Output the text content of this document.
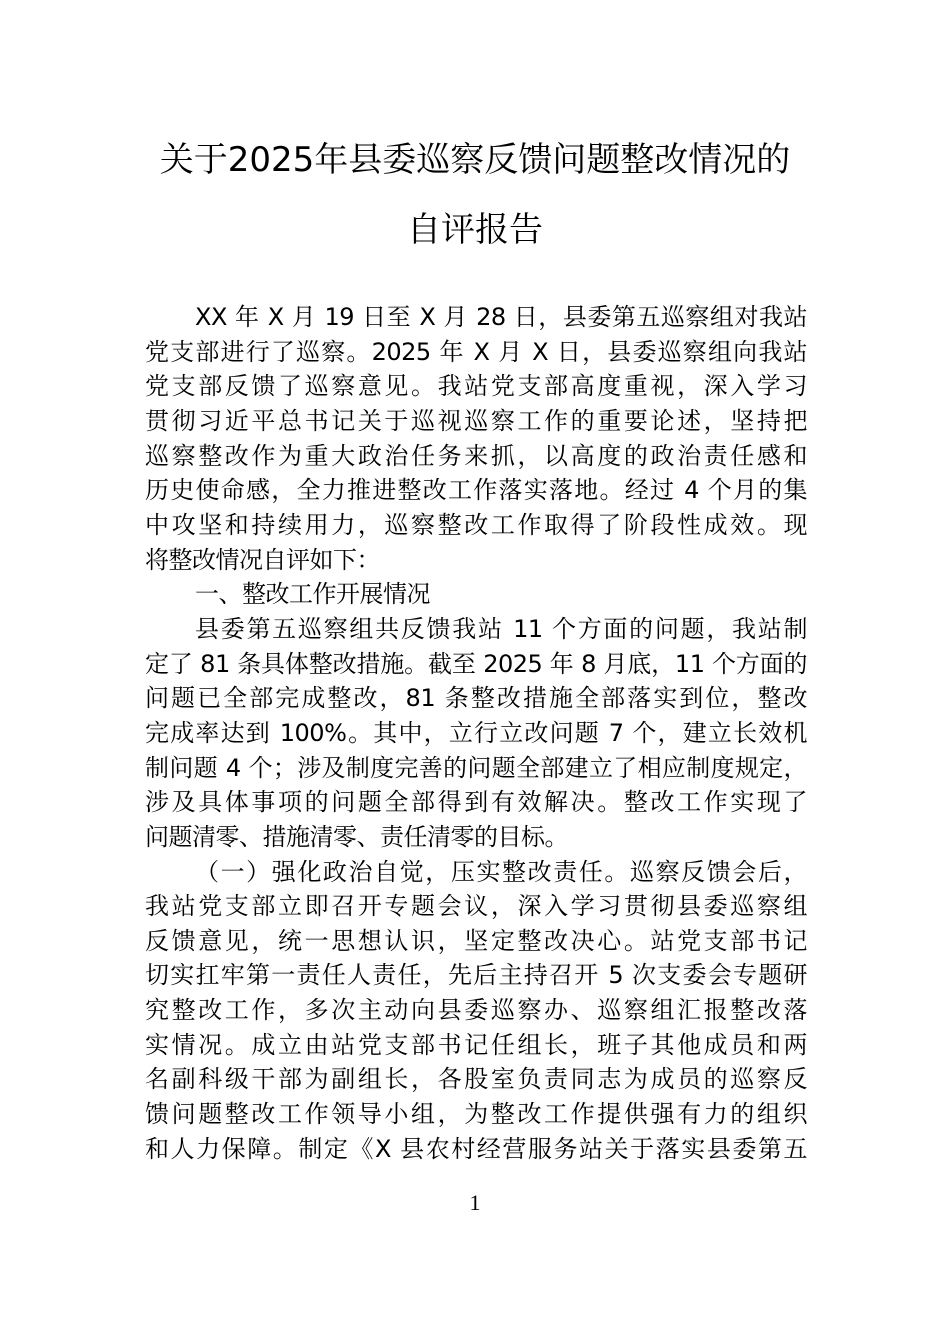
关于2025年县委巡察反馈问题整改情况的
自评报告
XX 年 X 月 19 日至 X 月 28 日，县委第五巡察组对我站
党支部进行了巡察。2025 年 X 月 X 日，县委巡察组向我站
党支部反馈了巡察意见。我站党支部高度重视，深入学习
贯彻习近平总书记关于巡视巡察工作的重要论述，坚持把
巡察整改作为重大政治任务来抓，以高度的政治责任感和
历史使命感，全力推进整改工作落实落地。经过 4 个月的集
中攻坚和持续用力，巡察整改工作取得了阶段性成效。现
将整改情况自评如下：
一、整改工作开展情况
县委第五巡察组共反馈我站 11 个方面的问题，我站制
定了 81 条具体整改措施。截至 2025 年 8 月底，11 个方面的
问题已全部完成整改，81 条整改措施全部落实到位，整改
完成率达到 100%。其中，立行立改问题 7 个，建立长效机
制问题 4 个；涉及制度完善的问题全部建立了相应制度规定，
涉及具体事项的问题全部得到有效解决。整改工作实现了
问题清零、措施清零、责任清零的目标。
（一）强化政治自觉，压实整改责任。巡察反馈会后，
我站党支部立即召开专题会议，深入学习贯彻县委巡察组
反馈意见，统一思想认识，坚定整改决心。站党支部书记
切实扛牢第一责任人责任，先后主持召开 5 次支委会专题研
究整改工作，多次主动向县委巡察办、巡察组汇报整改落
实情况。成立由站党支部书记任组长，班子其他成员和两
名副科级干部为副组长，各股室负责同志为成员的巡察反
馈问题整改工作领导小组，为整改工作提供强有力的组织
和人力保障。制定《X 县农村经营服务站关于落实县委第五
1
